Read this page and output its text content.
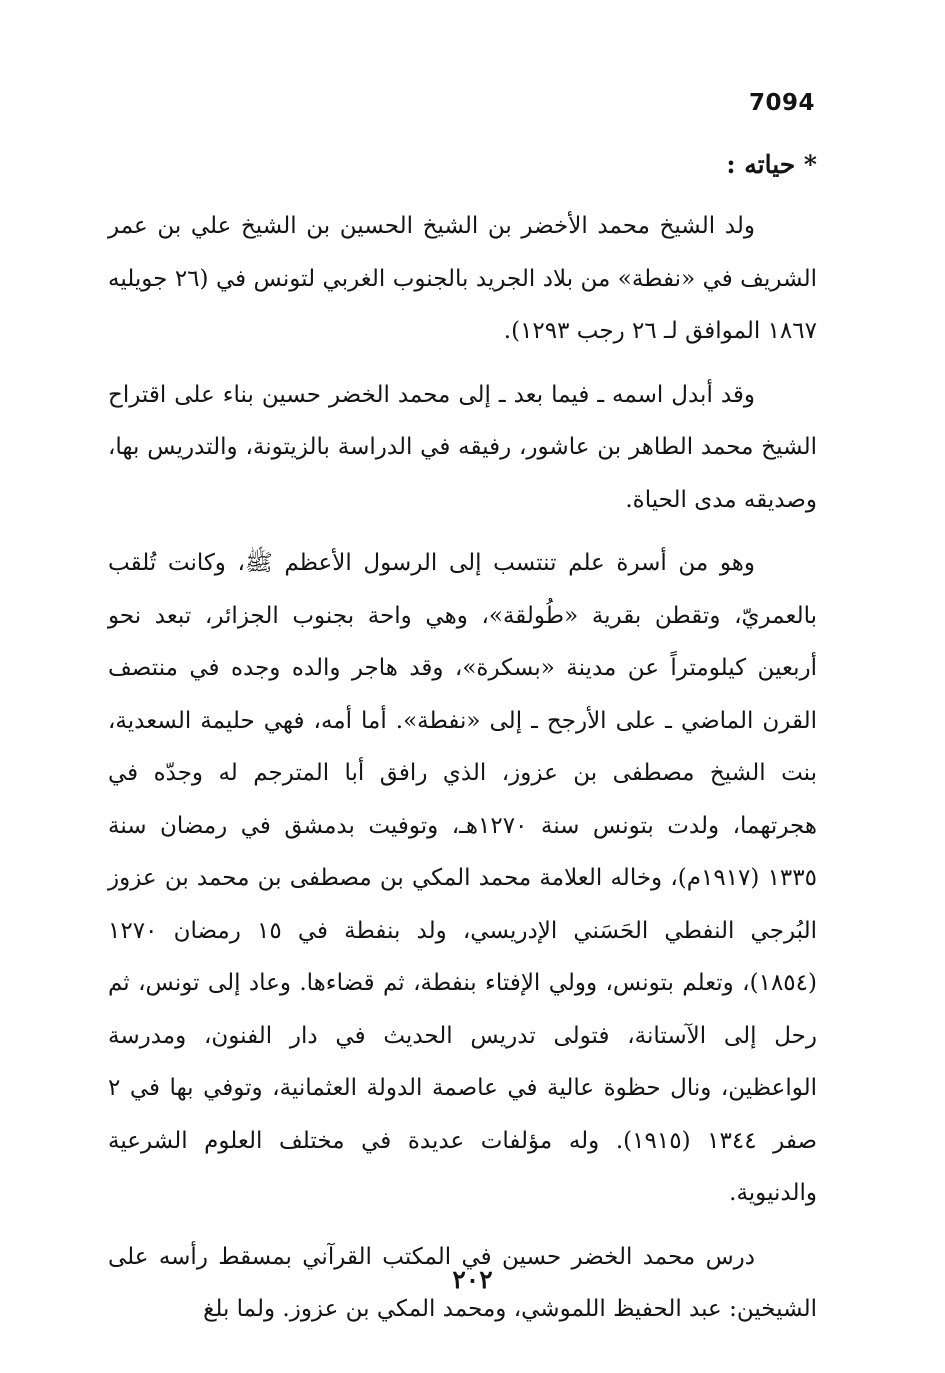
7094
* حياته :

ولد الشيخ محمد الأخضر بن الشيخ الحسين بن الشيخ علي بن عمر الشريف في «نفطة» من بلاد الجريد بالجنوب الغربي لتونس في (٢٦ جويليه ١٨٦٧ الموافق لـ ٢٦ رجب ١٢٩٣).

وقد أبدل اسمه ـ فيما بعد ـ إلى محمد الخضر حسين بناء على اقتراح الشيخ محمد الطاهر بن عاشور، رفيقه في الدراسة بالزيتونة، والتدريس بها، وصديقه مدى الحياة.

وهو من أسرة علم تنتسب إلى الرسول الأعظم ﷺ، وكانت تُلقب بالعمريّ، وتقطن بقرية «طُولقة»، وهي واحة بجنوب الجزائر، تبعد نحو أربعين كيلومتراً عن مدينة «بسكرة»، وقد هاجر والده وجده في منتصف القرن الماضي ـ على الأرجح ـ إلى «نفطة». أما أمه، فهي حليمة السعدية، بنت الشيخ مصطفى بن عزوز، الذي رافق أبا المترجم له وجدّه في هجرتهما، ولدت بتونس سنة ١٢٧٠هـ، وتوفيت بدمشق في رمضان سنة ١٣٣٥ (١٩١٧م)، وخاله العلامة محمد المكي بن مصطفى بن محمد بن عزوز البُرجي النفطي الحَسَني الإدريسي، ولد بنفطة في ١٥ رمضان ١٢٧٠ (١٨٥٤)، وتعلم بتونس، وولي الإفتاء بنفطة، ثم قضاءها. وعاد إلى تونس، ثم رحل إلى الآستانة، فتولى تدريس الحديث في دار الفنون، ومدرسة الواعظين، ونال حظوة عالية في عاصمة الدولة العثمانية، وتوفي بها في ٢ صفر ١٣٤٤ (١٩١٥). وله مؤلفات عديدة في مختلف العلوم الشرعية والدنيوية.

درس محمد الخضر حسين في المكتب القرآني بمسقط رأسه على الشيخين: عبد الحفيظ اللموشي، ومحمد المكي بن عزوز. ولما بلغ

٢٠٢
